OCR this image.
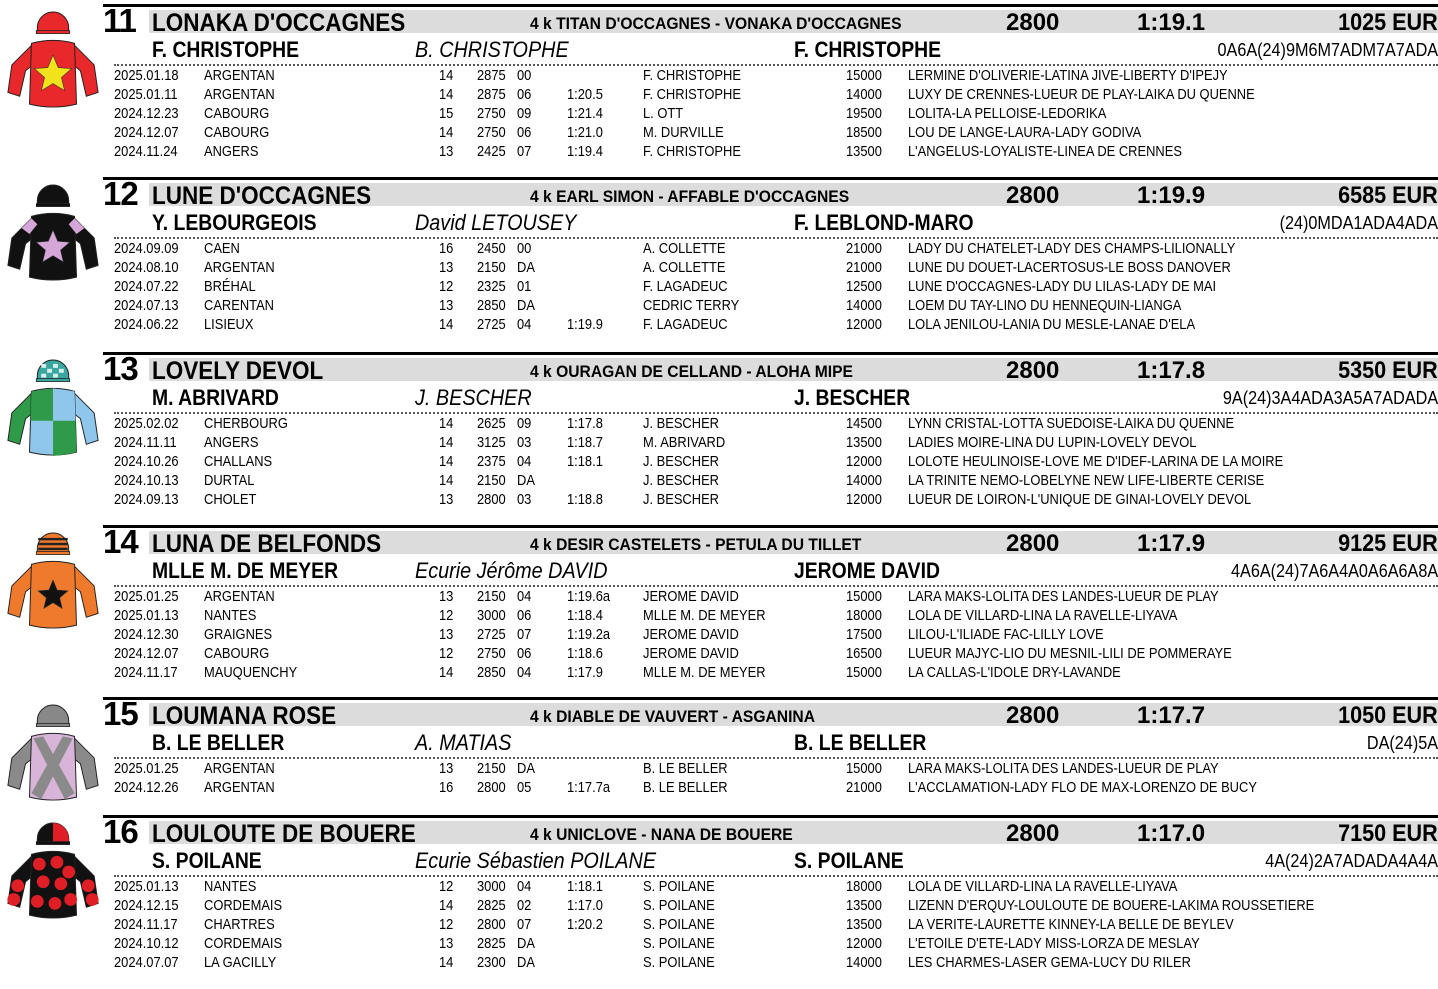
11 LONAKA D'OCCAGNES	4 k TITAN D'OCCAGNES - VONAKA D'OCCAGNES	2800	1:19.1	1025 EUR
F. CHRISTOPHE	B. CHRISTOPHE	F. CHRISTOPHE	0A6A(24)9M6M7ADM7A7ADA
2025.01.18 ARGENTAN	14 2875 00	F. CHRISTOPHE	15000 LERMINE D'OLIVERIE-LATINA JIVE-LIBERTY D'IPEJY
2025.01.11 ARGENTAN	14 2875 06 1:20.5	F. CHRISTOPHE	14000 LUXY DE CRENNES-LUEUR DE PLAY-LAIKA DU QUENNE
2024.12.23 CABOURG	15 2750 09 1:21.4	L. OTT	19500 LOLITA-LA PELLOISE-LEDORIKA
2024.12.07 CABOURG	14 2750 06 1:21.0	M. DURVILLE	18500 LOU DE LANGE-LAURA-LADY GODIVA
2024.11.24 ANGERS	13 2425 07 1:19.4	F. CHRISTOPHE	13500 L'ANGELUS-LOYALISTE-LINEA DE CRENNES
12 LUNE D'OCCAGNES	4 k EARL SIMON - AFFABLE D'OCCAGNES	2800	1:19.9	6585 EUR
Y. LEBOURGEOIS	David LETOUSEY	F. LEBLOND-MARO	(24)0MDA1ADA4ADA
2024.09.09 CAEN	16 2450 00	A. COLLETTE	21000 LADY DU CHATELET-LADY DES CHAMPS-LILIONALLY
2024.08.10 ARGENTAN	13 2150 DA	A. COLLETTE	21000 LUNE DU DOUET-LACERTOSUS-LE BOSS DANOVER
2024.07.22 BRÉHAL	12 2325 01	F. LAGADEUC	12500 LUNE D'OCCAGNES-LADY DU LILAS-LADY DE MAI
2024.07.13 CARENTAN	13 2850 DA	CEDRIC TERRY	14000 LOEM DU TAY-LINO DU HENNEQUIN-LIANGA
2024.06.22 LISIEUX	14 2725 04 1:19.9	F. LAGADEUC	12000 LOLA JENILOU-LANIA DU MESLE-LANAE D'ELA
13 LOVELY DEVOL	4 k OURAGAN DE CELLAND - ALOHA MIPE	2800	1:17.8	5350 EUR
M. ABRIVARD	J. BESCHER	J. BESCHER	9A(24)3A4ADA3A5A7ADADA
2025.02.02 CHERBOURG	14 2625 09 1:17.8	J. BESCHER	14500 LYNN CRISTAL-LOTTA SUEDOISE-LAIKA DU QUENNE
2024.11.11 ANGERS	14 3125 03 1:18.7	M. ABRIVARD	13500 LADIES MOIRE-LINA DU LUPIN-LOVELY DEVOL
2024.10.26 CHALLANS	14 2375 04 1:18.1	J. BESCHER	12000 LOLOTE HEULINOISE-LOVE ME D'IDEF-LARINA DE LA MOIRE
2024.10.13 DURTAL	14 2150 DA	J. BESCHER	14000 LA TRINITE NEMO-LOBELYNE NEW LIFE-LIBERTE CERISE
2024.09.13 CHOLET	13 2800 03 1:18.8	J. BESCHER	12000 LUEUR DE LOIRON-L'UNIQUE DE GINAI-LOVELY DEVOL
14 LUNA DE BELFONDS	4 k DESIR CASTELETS - PETULA DU TILLET	2800	1:17.9	9125 EUR
MLLE M. DE MEYER	Ecurie Jérôme DAVID	JEROME DAVID	4A6A(24)7A6A4A0A6A6A8A
2025.01.25 ARGENTAN	13 2150 04 1:19.6a JEROME DAVID	15000 LARA MAKS-LOLITA DES LANDES-LUEUR DE PLAY
2025.01.13 NANTES	12 3000 06 1:18.4	MLLE M. DE MEYER	18000 LOLA DE VILLARD-LINA LA RAVELLE-LIYAVA
2024.12.30 GRAIGNES	13 2725 07 1:19.2a JEROME DAVID	17500 LILOU-L'ILIADE FAC-LILLY LOVE
2024.12.07 CABOURG	12 2750 06 1:18.6	JEROME DAVID	16500 LUEUR MAJYC-LIO DU MESNIL-LILI DE POMMERAYE
2024.11.17 MAUQUENCHY	14 2850 04 1:17.9	MLLE M. DE MEYER	15000 LA CALLAS-L'IDOLE DRY-LAVANDE
15 LOUMANA ROSE	4 k DIABLE DE VAUVERT - ASGANINA	2800	1:17.7	1050 EUR
B. LE BELLER	A. MATIAS	B. LE BELLER	DA(24)5A
2025.01.25 ARGENTAN	13 2150 DA	B. LE BELLER	15000 LARA MAKS-LOLITA DES LANDES-LUEUR DE PLAY
2024.12.26 ARGENTAN	16 2800 05 1:17.7a B. LE BELLER	21000 L'ACCLAMATION-LADY FLO DE MAX-LORENZO DE BUCY
16 LOULOUTE DE BOUERE	4 k UNICLOVE - NANA DE BOUERE	2800	1:17.0	7150 EUR
S. POILANE	Ecurie Sébastien POILANE	S. POILANE	4A(24)2A7ADADA4A4A
2025.01.13 NANTES	12 3000 04 1:18.1	S. POILANE	18000 LOLA DE VILLARD-LINA LA RAVELLE-LIYAVA
2024.12.15 CORDEMAIS	14 2825 02 1:17.0	S. POILANE	13500 LIZENN D'ERQUY-LOULOUTE DE BOUERE-LAKIMA ROUSSETIERE
2024.11.17 CHARTRES	12 2800 07 1:20.2	S. POILANE	13500 LA VERITE-LAURETTE KINNEY-LA BELLE DE BEYLEV
2024.10.12 CORDEMAIS	13 2825 DA	S. POILANE	12000 L'ETOILE D'ETE-LADY MISS-LORZA DE MESLAY
2024.07.07 LA GACILLY	14 2300 DA	S. POILANE	14000 LES CHARMES-LASER GEMA-LUCY DU RILER
